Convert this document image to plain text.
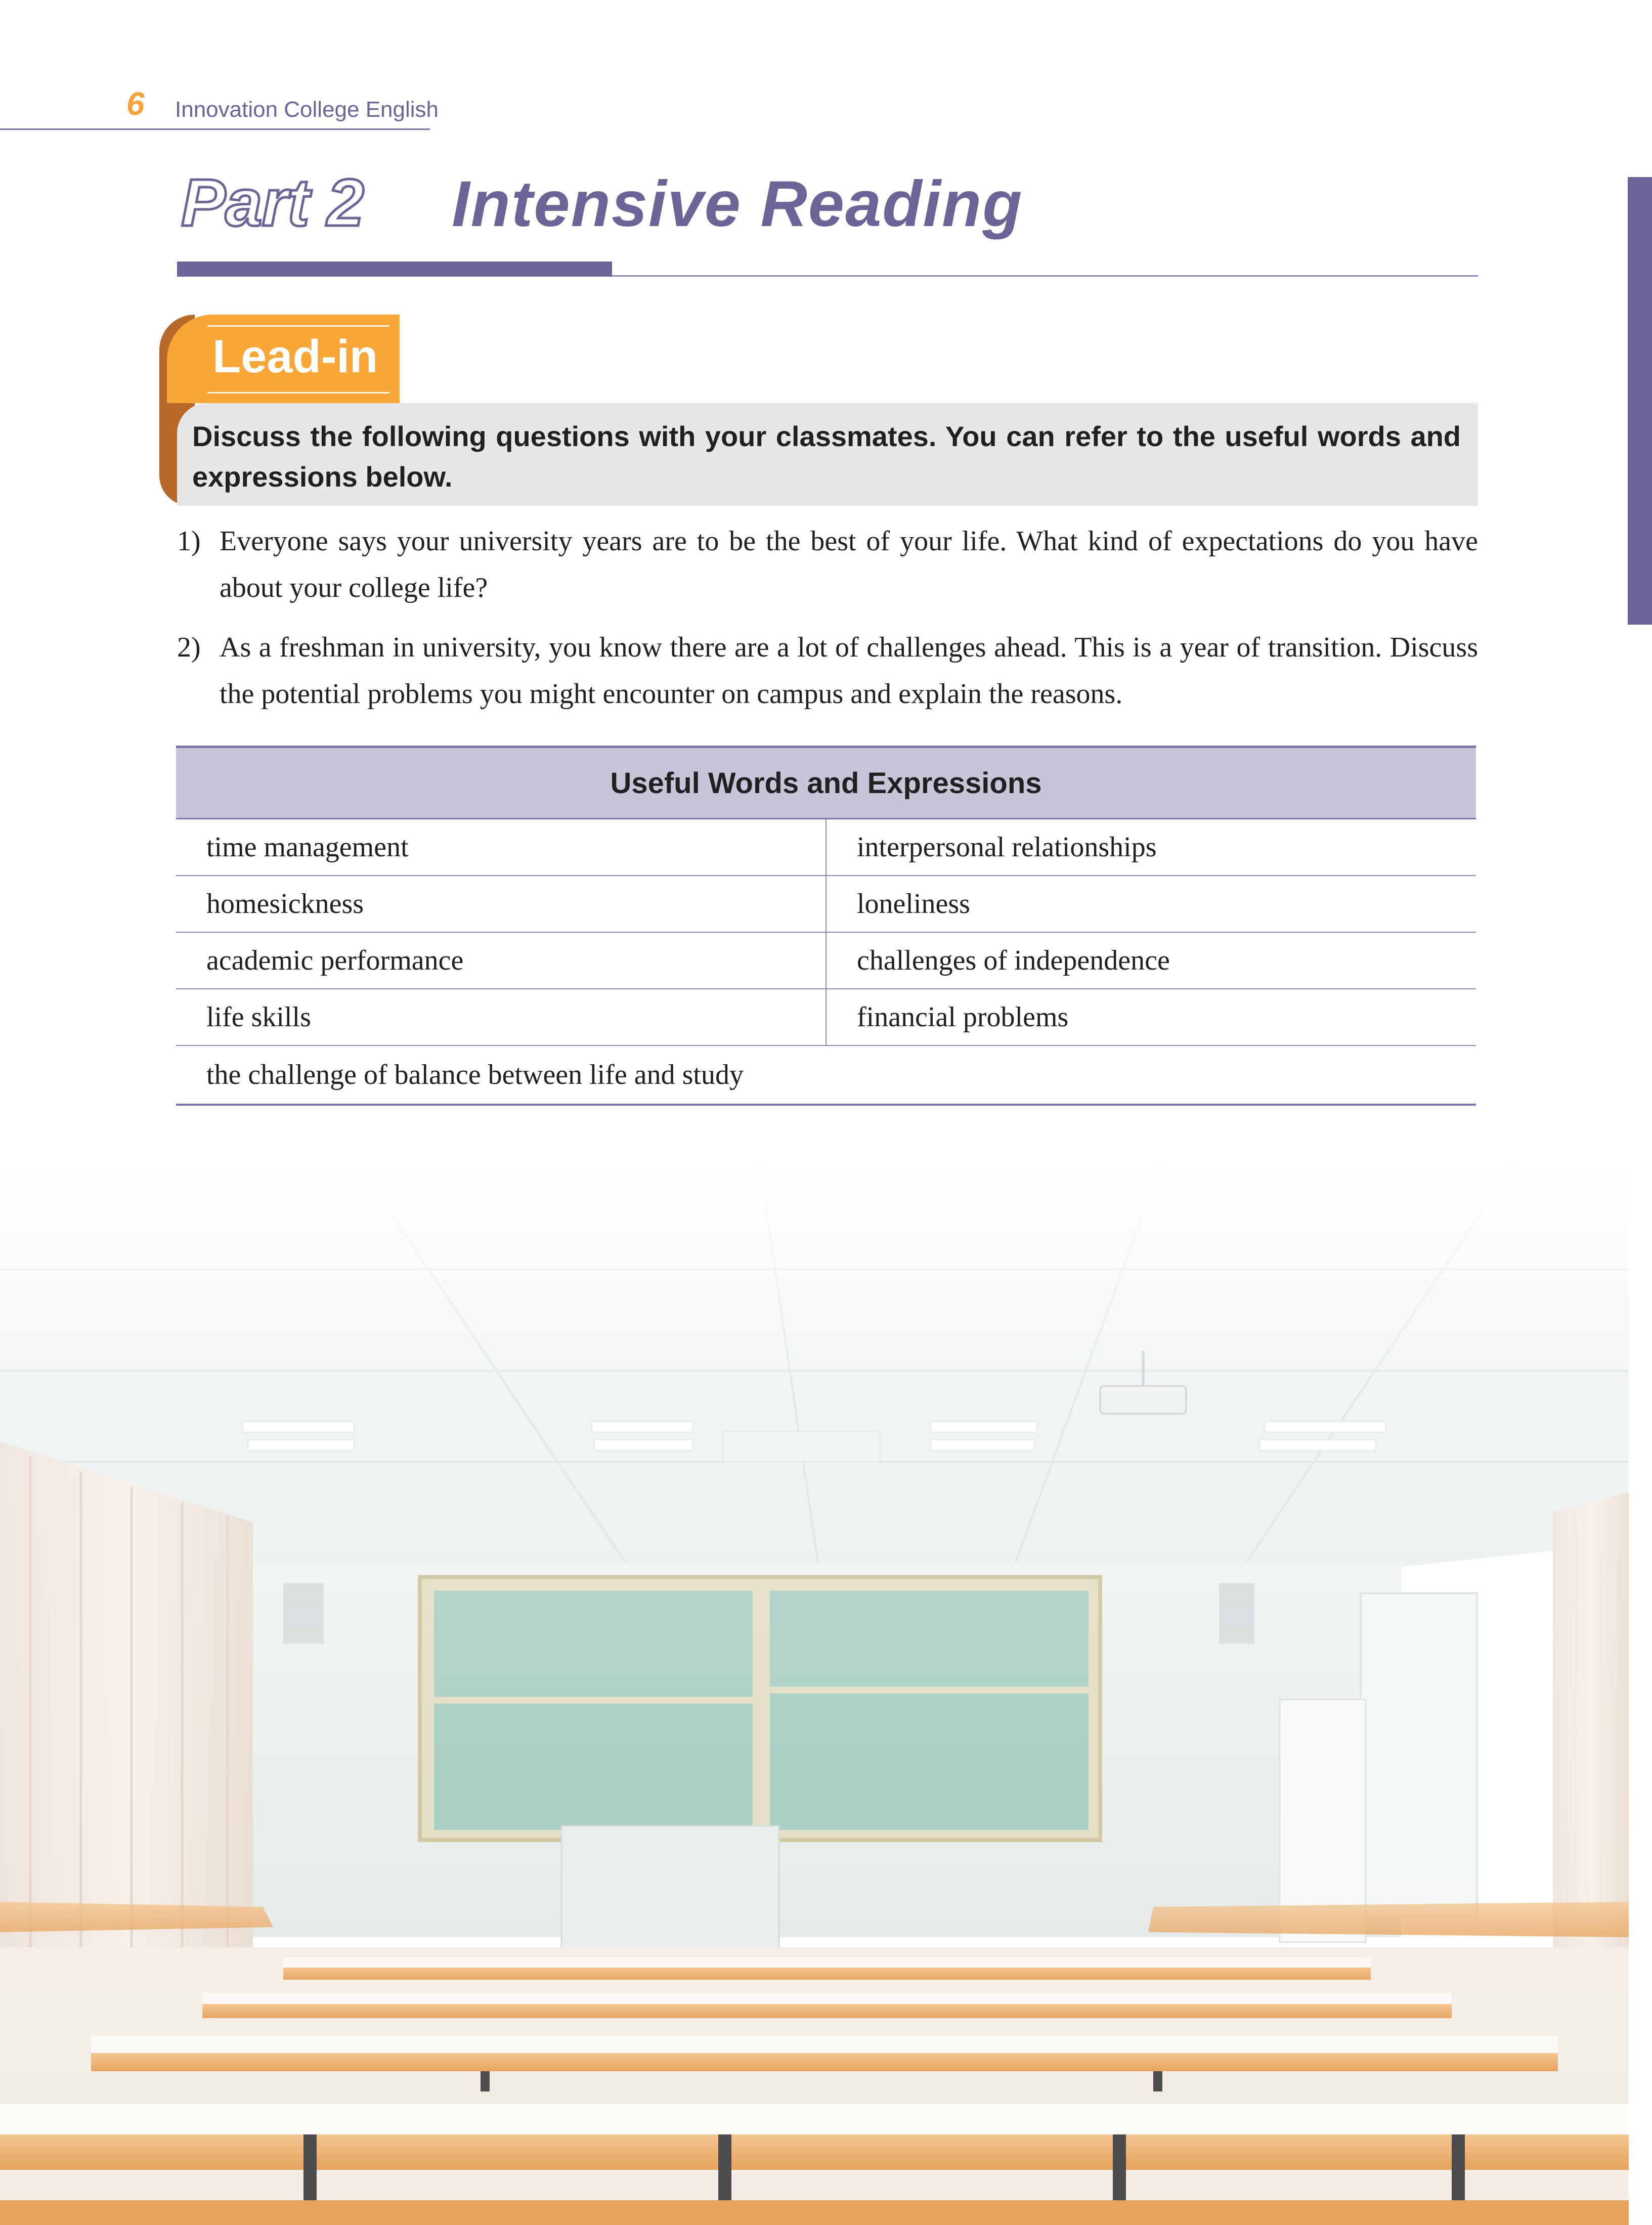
6 Innovation College English
Part 2 Intensive Reading
Lead-in

Discuss the following questions with your classmates. You can refer to the useful words and expressions below.

1) Everyone says your university years are to be the best of your life. What kind of expectations do you have about your college life?
2) As a freshman in university, you know there are a lot of challenges ahead. This is a year of transition. Discuss the potential problems you might encounter on campus and explain the reasons.
Useful Words and Expressions	
time management	interpersonal relationships
homesickness	loneliness
academic performance	challenges of independence
life skills	financial problems
the challenge of balance between life and study	
